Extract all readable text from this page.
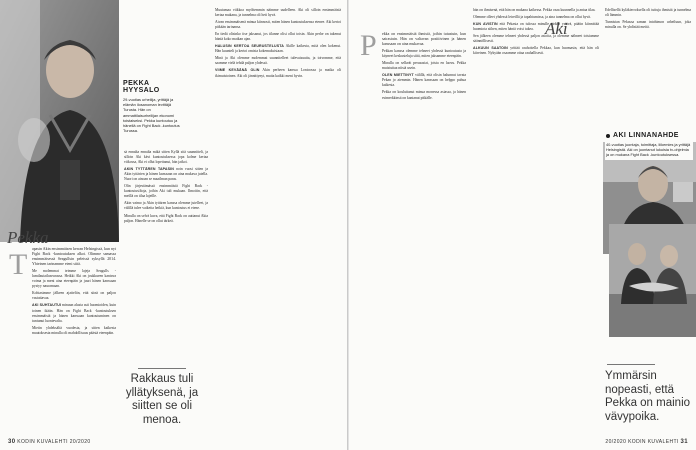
PEKKA HYYSALO
29-vuotias urheilija, yrittäjä ja elämän ilosanoman levittäjä Turusta. Hän on ammattilaisurheilijan ekonomi toistaiseksi. Pekka kuntoutuu ja hänellä on Fight Back -kuntoutus Turussa.
Pekka
T apasin Akin ensimmäisen kerran Helsingissä, kun nyt Fight Back -kuntoutuksen alkoi. Olimme samassa ensimmäisessä Seagullsin peleissä syksyllä 2014. Yhteinen tarinamme eteni siitä.

Me molemmat teimme lajeja Seagulls -lumilautailuseurassa. Heikki Aki on joukkueen kantava voima ja meni aina eteenpäin ja juuri hänen kanssaan pystyy nauramaan.

Kohtasimme jälkeen ajatteliin, että siinä on paljon vastattavaa.

AKI SUHTAUTUI minuun alusta asti huomioiden, kuin toinen ikään. Hän on Fight Back -kuntoutuksen ensimmäisiä ja hänen kanssaan kuntoutuminen on tuntunut luontevalta.

Mietin yhdeksältä vuodesta, ja sitten kaikesta muutoksesta minulla oli mahdollisuus päästä eteenpäin.

sä ennalta ennalta mikä sitten Kyllä sitä suunnitteli, ja silloin Aki kävi kuntoutuksessa jopa kolme kertaa viikossa, Aki ei ollut lopettanut, hän jatkoi.

AKIN TYTTÄREN TAPASIN noin vuosi sitten ja Akin tyttärien ja hänen kanssaan on aina mukava jutella. Nuori on ainoan se maailman paras.

Olin järjestämässä ensimmäisiä Fight Back -kuntoutusiltoja, joihin Aki tuli mukaan. Ilmoitin, että meillä on tilaa lajeille.

Akin vaimo ja Akin tyttären kanssa olemme jutelleet, ja välillä tulee vaikeita hetkiä, kun kuntoutus ei etene.

Minulla on selvä kuva, että Fight Back on auttanut Akia paljon. Hänelle se on ollut tärkeä.

Rakkaus tuli yllätyksenä, ja siitten se oli menoa.

Muutamaa viikkoa myöhemmin näimme uudelleen. Aki oli silloin ensimmäistä kertaa mukana, ja tunnelma oli heti hyvä.

Aivan ensimmäisenä minua kiinnosti, miten hänen kuntoutuksensa etenee. Aki kertoi pitkään tarinansa.

En tiedä olisinko itse jaksanut, jos tilanne olisi ollut toisin. Akin perhe on tukenut häntä koko matkan ajan.

HALUSIN KERTOA SEURUSTELUSTA Akille kaikesta, mitä olen kokenut. Hän kuunteli ja kertoi omista kokemuksistaan.

Minä ja Aki olemme molemmat suunnitelleet tulevaisuutta, ja toivomme, että saamme vielä tehdä paljon yhdessä.

VIIME KEVÄÄNÄ OLIN Akin perheen kanssa Lontoossa ja matka oli ikimuistoinen. Aki oli jännittynyt, mutta kaikki meni hyvin.

30 KODIN KUVALEHTI 20/2020
Aki
P ekka on ensimmäisiä ihmisiä, joihin tutustuin, kun sairastuin. Hän on valtavan positiivinen ja hänen kanssaan on aina mukavaa.

Pekkan kanssa olemme tehneet yhdessä kuntoutusta ja käyneet keskusteluja siitä, miten jaksamme eteenpäin.

Minulla on selkeät perusasiat, joista en luovu. Pekka muistuttaa niistä usein.

OLEN MIETTINYT välillä, että olisin halunnut tavata Pekan jo aiemmin. Hänen kanssaan on helppo puhua kaikesta.

Pekka on kouluttanut minua monessa asiassa, ja hänen esimerkkinsä on kantanut pitkälle.

hän on ihmisenä, että hän on mukana kaikessa. Pekka osaa kuunnella ja antaa tilaa.

Olemme olleet yhdessä leireillä ja tapahtumissa, ja aina tunnelma on ollut hyvä.

KUN AVISTIN että Pekasta on tulossa minulle tärkeä ystävä, päätin kiinnittää huomiota siihen, miten häntä voisi tukea.

Sen jälkeen olemme tehneet yhdessä paljon asioita, ja olemme nähneet toisiamme säännöllisesti.

ALKUUN SAATOIN yrittää rauhoitella Pekkaa, kun huomasin, että hän oli kiireinen. Nykyään osaamme ottaa rauhallisesti.

Edellisellä kyläkierroksella oli tuttuja ihmisiä ja tunnelma oli lämmin.

Tunnistan Pekassa saman intohimon urheiluun, joka minulla on. Se yhdistää meitä.

AKI LINNANAHDE
40-vuotias juontaja, toimittaja, liikemies ja yrittäjä Helsingistä. Aki on juontanut lukuisia tv-ohjelmia ja on mukana Fight Back -kuntoutuksessa.
Ymmärsin nopeasti, että Pekka on mainio vävypoika.
20/2020 KODIN KUVALEHTI 31
